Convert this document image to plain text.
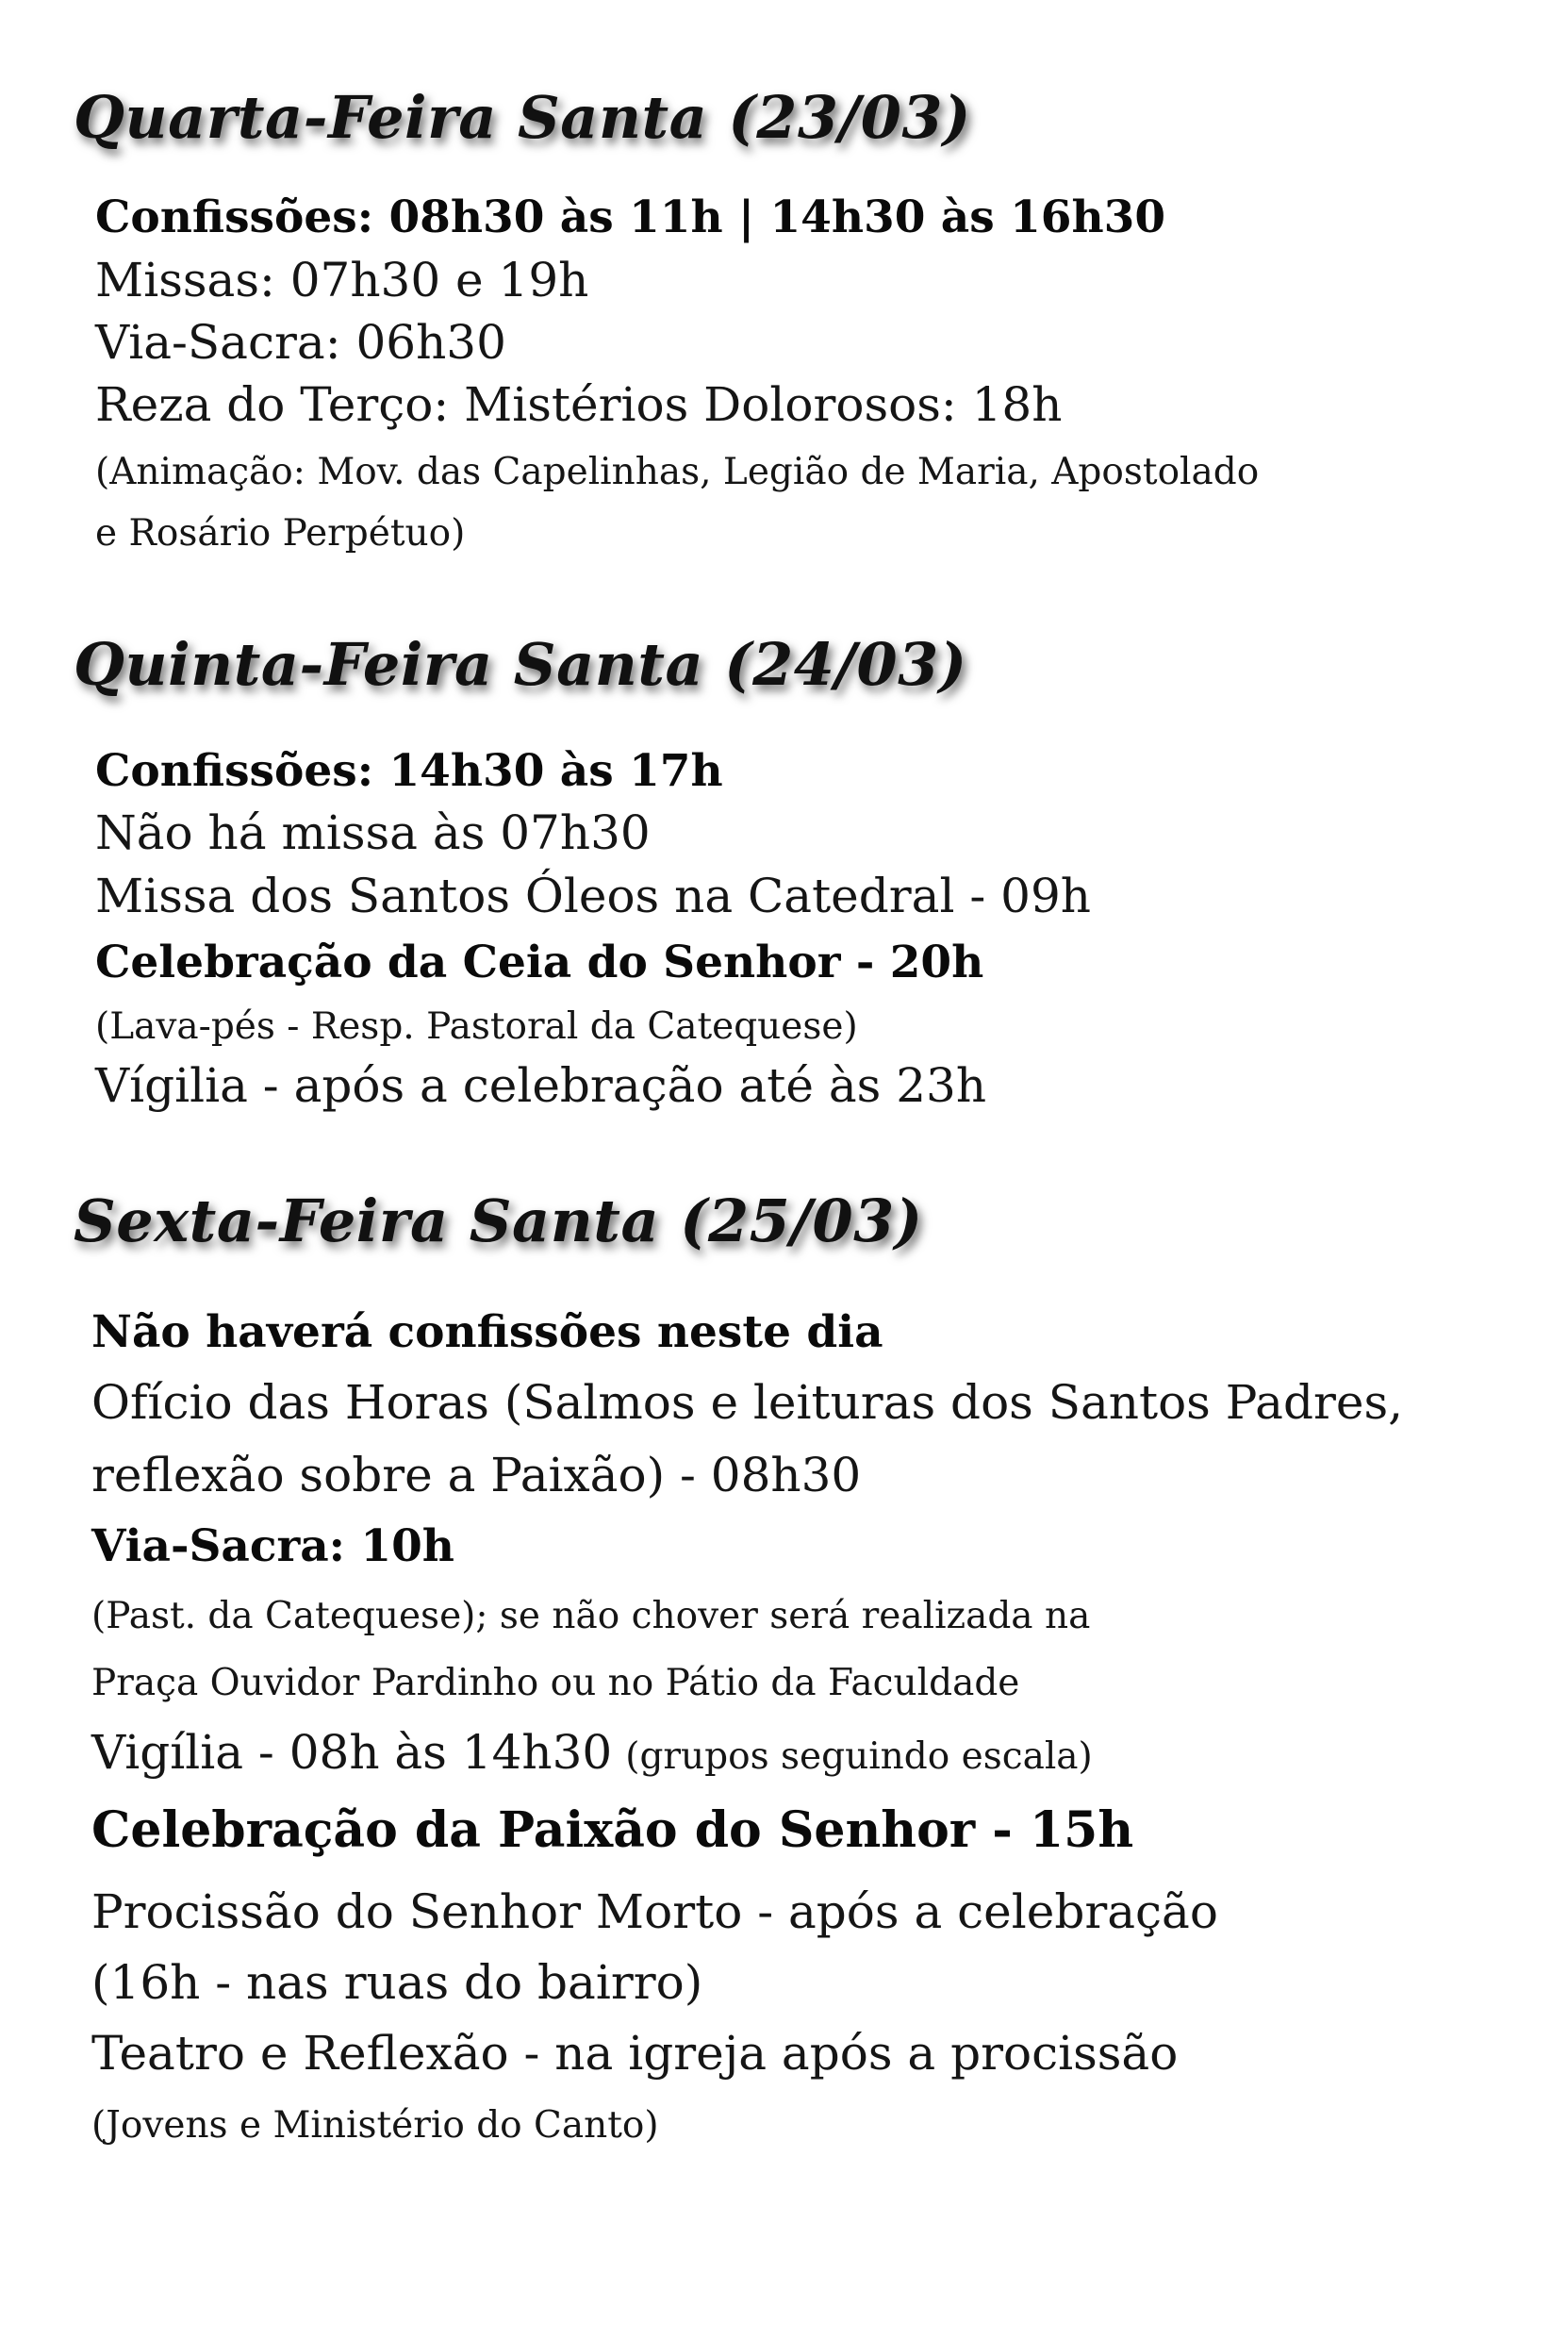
Quarta-Feira Santa (23/03)

Confissões: 08h30 às 11h | 14h30 às 16h30

Missas: 07h30 e 19h

Via-Sacra: 06h30

Reza do Terço: Mistérios Dolorosos: 18h

(Animação: Mov. das Capelinhas, Legião de Maria, Apostolado

e Rosário Perpétuo)

Quinta-Feira Santa (24/03)

Confissões: 14h30 às 17h

Não há missa às 07h30

Missa dos Santos Óleos na Catedral - 09h

Celebração da Ceia do Senhor - 20h

(Lava-pés - Resp. Pastoral da Catequese)

Vígilia - após a celebração até às 23h

Sexta-Feira Santa (25/03)

Não haverá confissões neste dia

Ofício das Horas (Salmos e leituras dos Santos Padres,

reflexão sobre a Paixão) - 08h30

Via-Sacra: 10h

(Past. da Catequese); se não chover será realizada na

Praça Ouvidor Pardinho ou no Pátio da Faculdade

Vigília - 08h às 14h30 (grupos seguindo escala)

Celebração da Paixão do Senhor - 15h

Procissão do Senhor Morto - após a celebração

(16h - nas ruas do bairro)

Teatro e Reflexão - na igreja após a procissão

(Jovens e Ministério do Canto)
